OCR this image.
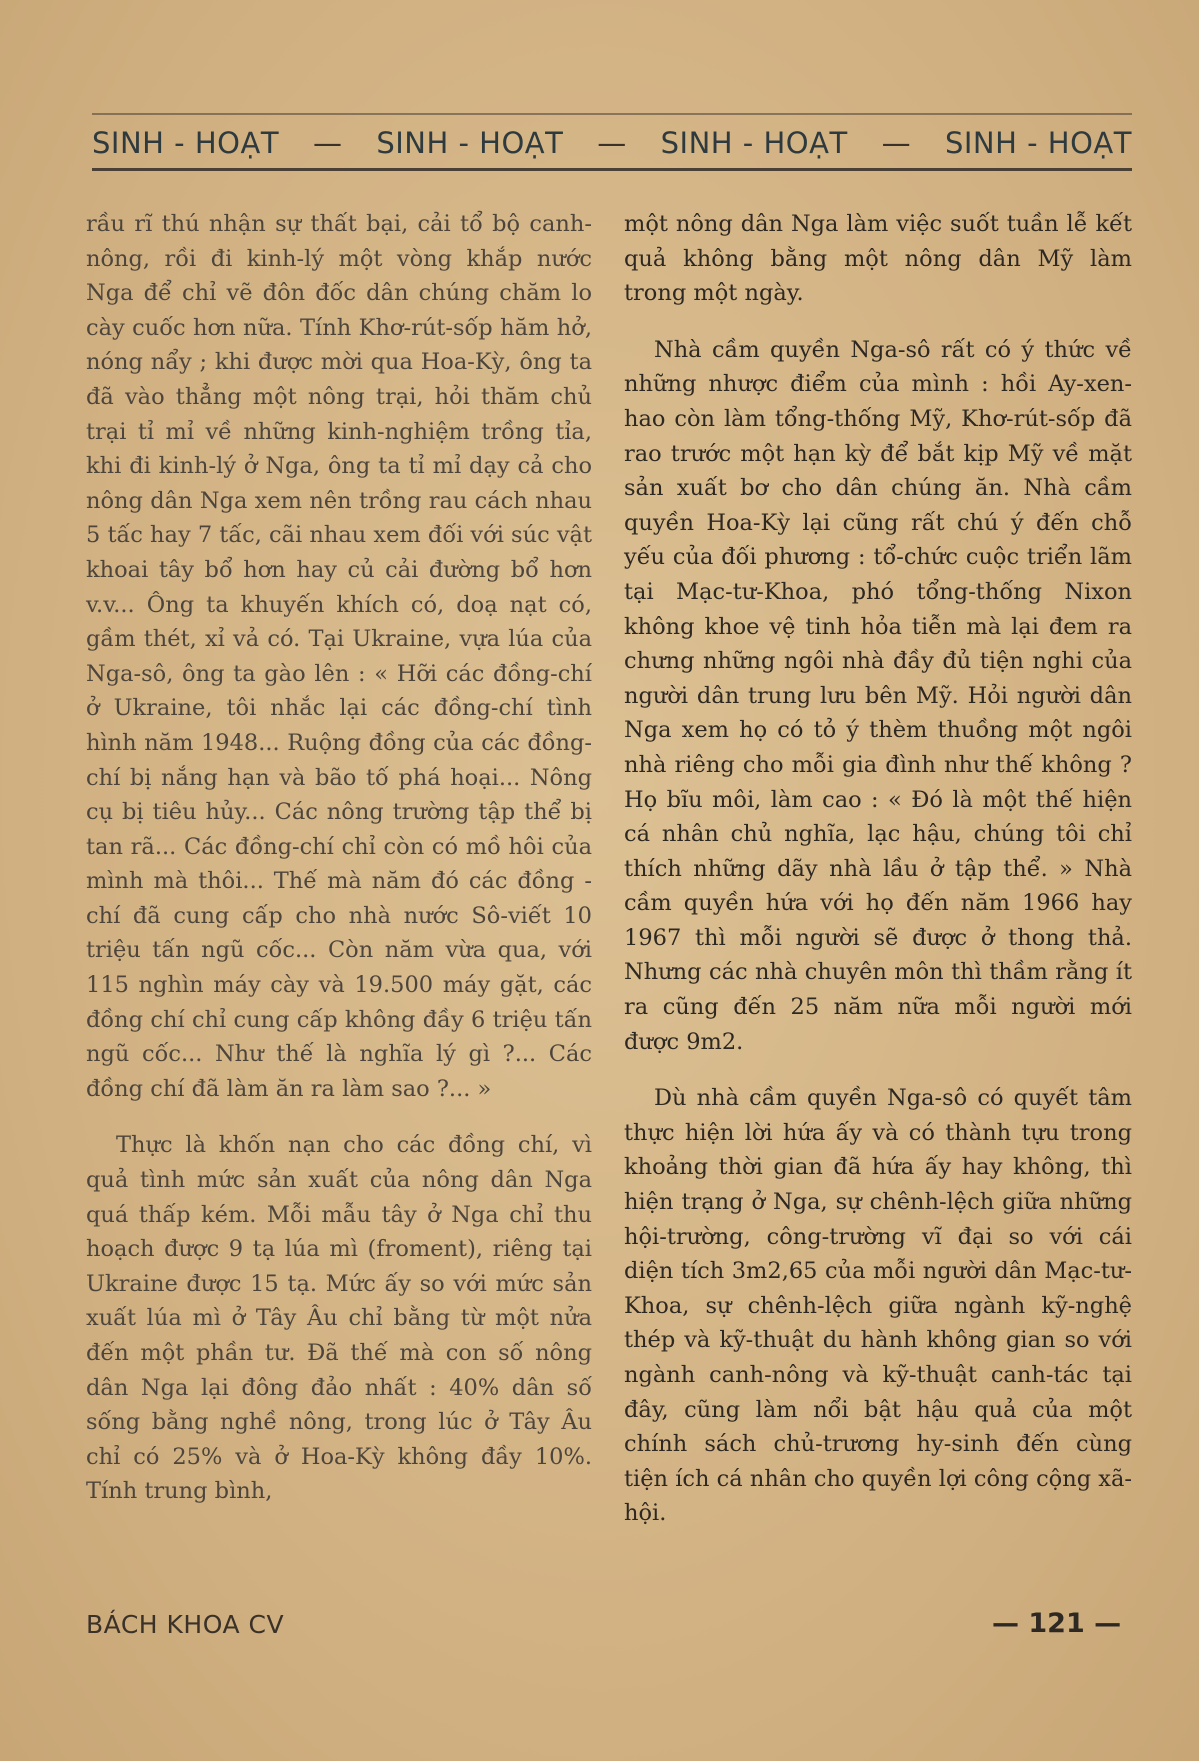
SINH - HOẠT — SINH - HOẠT — SINH - HOẠT — SINH - HOẠT

rầu rĩ thú nhận sự thất bại, cải tổ bộ canh-nông, rồi đi kinh-lý một vòng khắp nước Nga để chỉ vẽ đôn đốc dân chúng chăm lo cày cuốc hơn nữa. Tính Khơ-rút-sốp hăm hở, nóng nẩy ; khi được mời qua Hoa-Kỳ, ông ta đã vào thẳng một nông trại, hỏi thăm chủ trại tỉ mỉ về những kinh-nghiệm trồng tỉa, khi đi kinh-lý ở Nga, ông ta tỉ mỉ dạy cả cho nông dân Nga xem nên trồng rau cách nhau 5 tấc hay 7 tấc, cãi nhau xem đối với súc vật khoai tây bổ hơn hay củ cải đường bổ hơn v.v... Ông ta khuyến khích có, doạ nạt có, gầm thét, xỉ vả có. Tại Ukraine, vựa lúa của Nga-sô, ông ta gào lên : « Hỡi các đồng-chí ở Ukraine, tôi nhắc lại các đồng-chí tình hình năm 1948... Ruộng đồng của các đồng-chí bị nắng hạn và bão tố phá hoại... Nông cụ bị tiêu hủy... Các nông trường tập thể bị tan rã... Các đồng-chí chỉ còn có mồ hôi của mình mà thôi... Thế mà năm đó các đồng - chí đã cung cấp cho nhà nước Sô-viết 10 triệu tấn ngũ cốc... Còn năm vừa qua, với 115 nghìn máy cày và 19.500 máy gặt, các đồng chí chỉ cung cấp không đầy 6 triệu tấn ngũ cốc... Như thế là nghĩa lý gì ?... Các đồng chí đã làm ăn ra làm sao ?... »

Thực là khốn nạn cho các đồng chí, vì quả tình mức sản xuất của nông dân Nga quá thấp kém. Mỗi mẫu tây ở Nga chỉ thu hoạch được 9 tạ lúa mì (froment), riêng tại Ukraine được 15 tạ. Mức ấy so với mức sản xuất lúa mì ở Tây Âu chỉ bằng từ một nửa đến một phần tư. Đã thế mà con số nông dân Nga lại đông đảo nhất : 40% dân số sống bằng nghề nông, trong lúc ở Tây Âu chỉ có 25% và ở Hoa-Kỳ không đầy 10%. Tính trung bình,

một nông dân Nga làm việc suốt tuần lễ kết quả không bằng một nông dân Mỹ làm trong một ngày.

Nhà cầm quyền Nga-sô rất có ý thức về những nhược điểm của mình : hồi Ay-xen-hao còn làm tổng-thống Mỹ, Khơ-rút-sốp đã rao trước một hạn kỳ để bắt kịp Mỹ về mặt sản xuất bơ cho dân chúng ăn. Nhà cầm quyền Hoa-Kỳ lại cũng rất chú ý đến chỗ yếu của đối phương : tổ-chức cuộc triển lãm tại Mạc-tư-Khoa, phó tổng-thống Nixon không khoe vệ tinh hỏa tiễn mà lại đem ra chưng những ngôi nhà đầy đủ tiện nghi của người dân trung lưu bên Mỹ. Hỏi người dân Nga xem họ có tỏ ý thèm thuồng một ngôi nhà riêng cho mỗi gia đình như thế không ? Họ bĩu môi, làm cao : « Đó là một thế hiện cá nhân chủ nghĩa, lạc hậu, chúng tôi chỉ thích những dãy nhà lầu ở tập thể. » Nhà cầm quyền hứa với họ đến năm 1966 hay 1967 thì mỗi người sẽ được ở thong thả. Nhưng các nhà chuyên môn thì thầm rằng ít ra cũng đến 25 năm nữa mỗi người mới được 9m2.

Dù nhà cầm quyền Nga-sô có quyết tâm thực hiện lời hứa ấy và có thành tựu trong khoảng thời gian đã hứa ấy hay không, thì hiện trạng ở Nga, sự chênh-lệch giữa những hội-trường, công-trường vĩ đại so với cái diện tích 3m2,65 của mỗi người dân Mạc-tư-Khoa, sự chênh-lệch giữa ngành kỹ-nghệ thép và kỹ-thuật du hành không gian so với ngành canh-nông và kỹ-thuật canh-tác tại đây, cũng làm nổi bật hậu quả của một chính sách chủ-trương hy-sinh đến cùng tiện ích cá nhân cho quyền lợi công cộng xã-hội.

BÁCH KHOA CV	— 121 —
